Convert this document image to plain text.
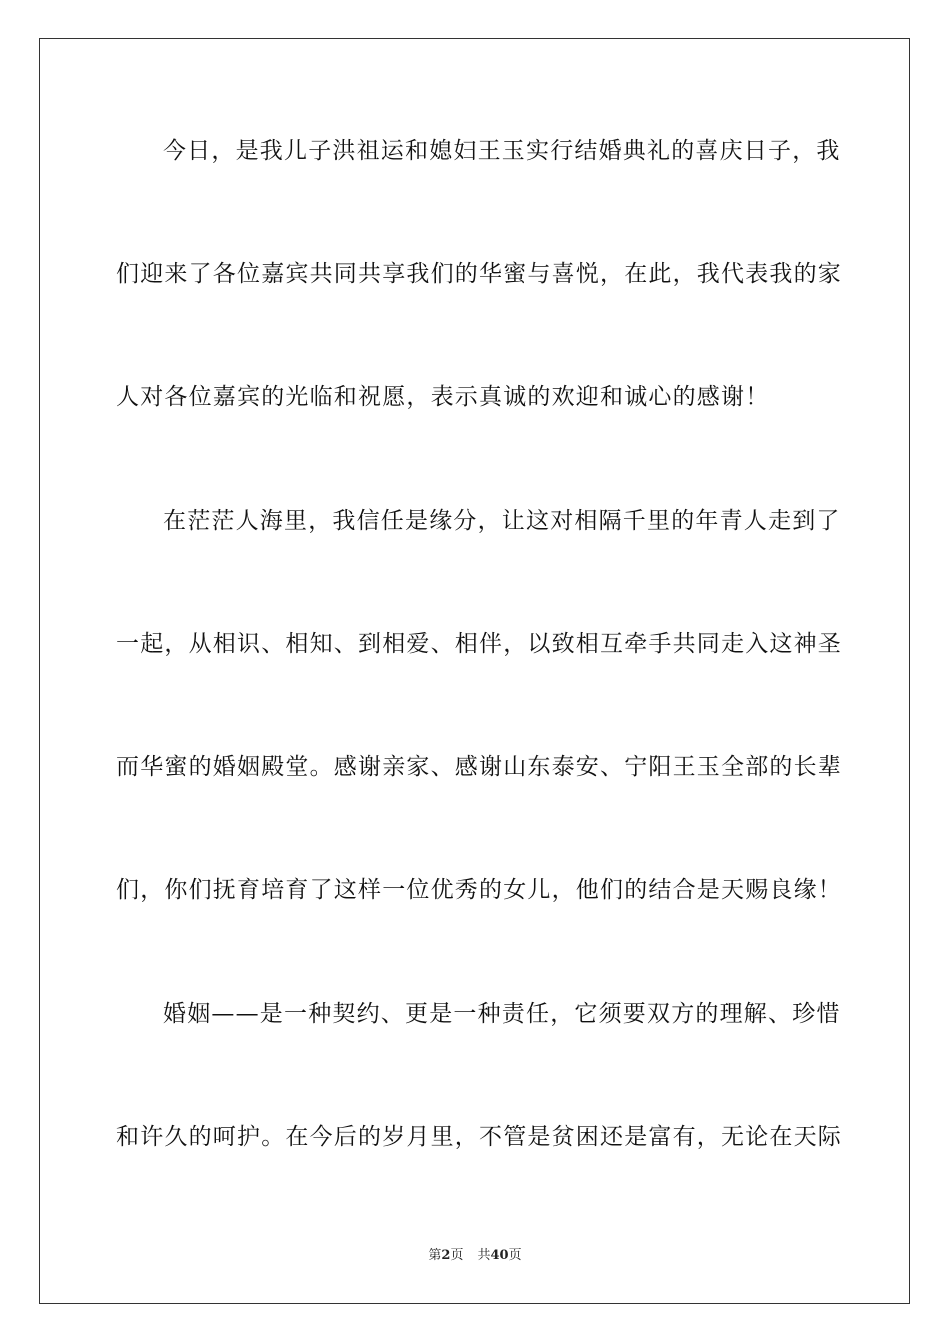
今日，是我儿子洪祖运和媳妇王玉实行结婚典礼的喜庆日子，我
们迎来了各位嘉宾共同共享我们的华蜜与喜悦，在此，我代表我的家
人对各位嘉宾的光临和祝愿，表示真诚的欢迎和诚心的感谢！
在茫茫人海里，我信任是缘分，让这对相隔千里的年青人走到了
一起，从相识、相知、到相爱、相伴，以致相互牵手共同走入这神圣
而华蜜的婚姻殿堂。感谢亲家、感谢山东泰安、宁阳王玉全部的长辈
们，你们抚育培育了这样一位优秀的女儿，他们的结合是天赐良缘！
婚姻——是一种契约、更是一种责任，它须要双方的理解、珍惜
和许久的呵护。在今后的岁月里，不管是贫困还是富有，无论在天际
第2页 共40页
